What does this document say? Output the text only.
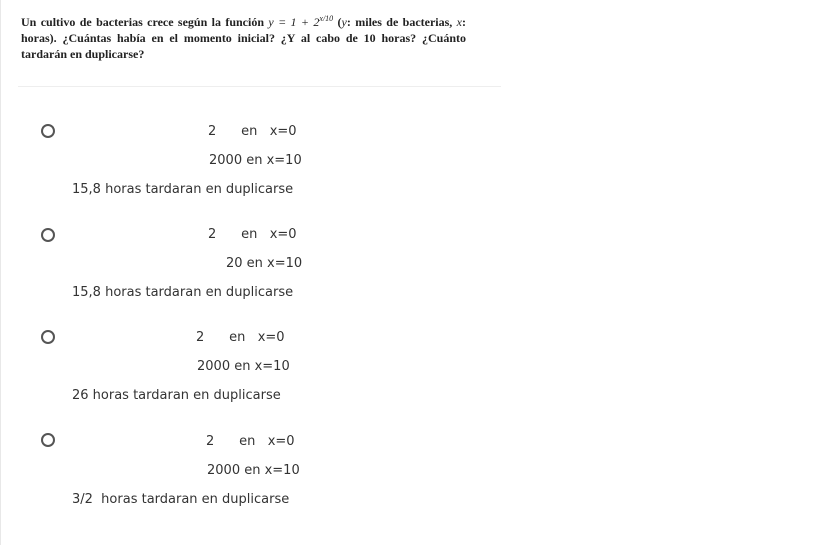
Un cultivo de bacterias crece según la función $y = 1 + 2^{x/10}$ (y: miles de bacterias, x: horas). ¿Cuántas había en el momento inicial? ¿Y al cabo de 10 horas? ¿Cuánto tardarán en duplicarse?
2      en   x=0
2000 en x=10
15,8 horas tardaran en duplicarse
2      en   x=0
20 en x=10
15,8 horas tardaran en duplicarse
2      en   x=0
2000 en x=10
26 horas tardaran en duplicarse
2      en   x=0
2000 en x=10
3/2  horas tardaran en duplicarse
